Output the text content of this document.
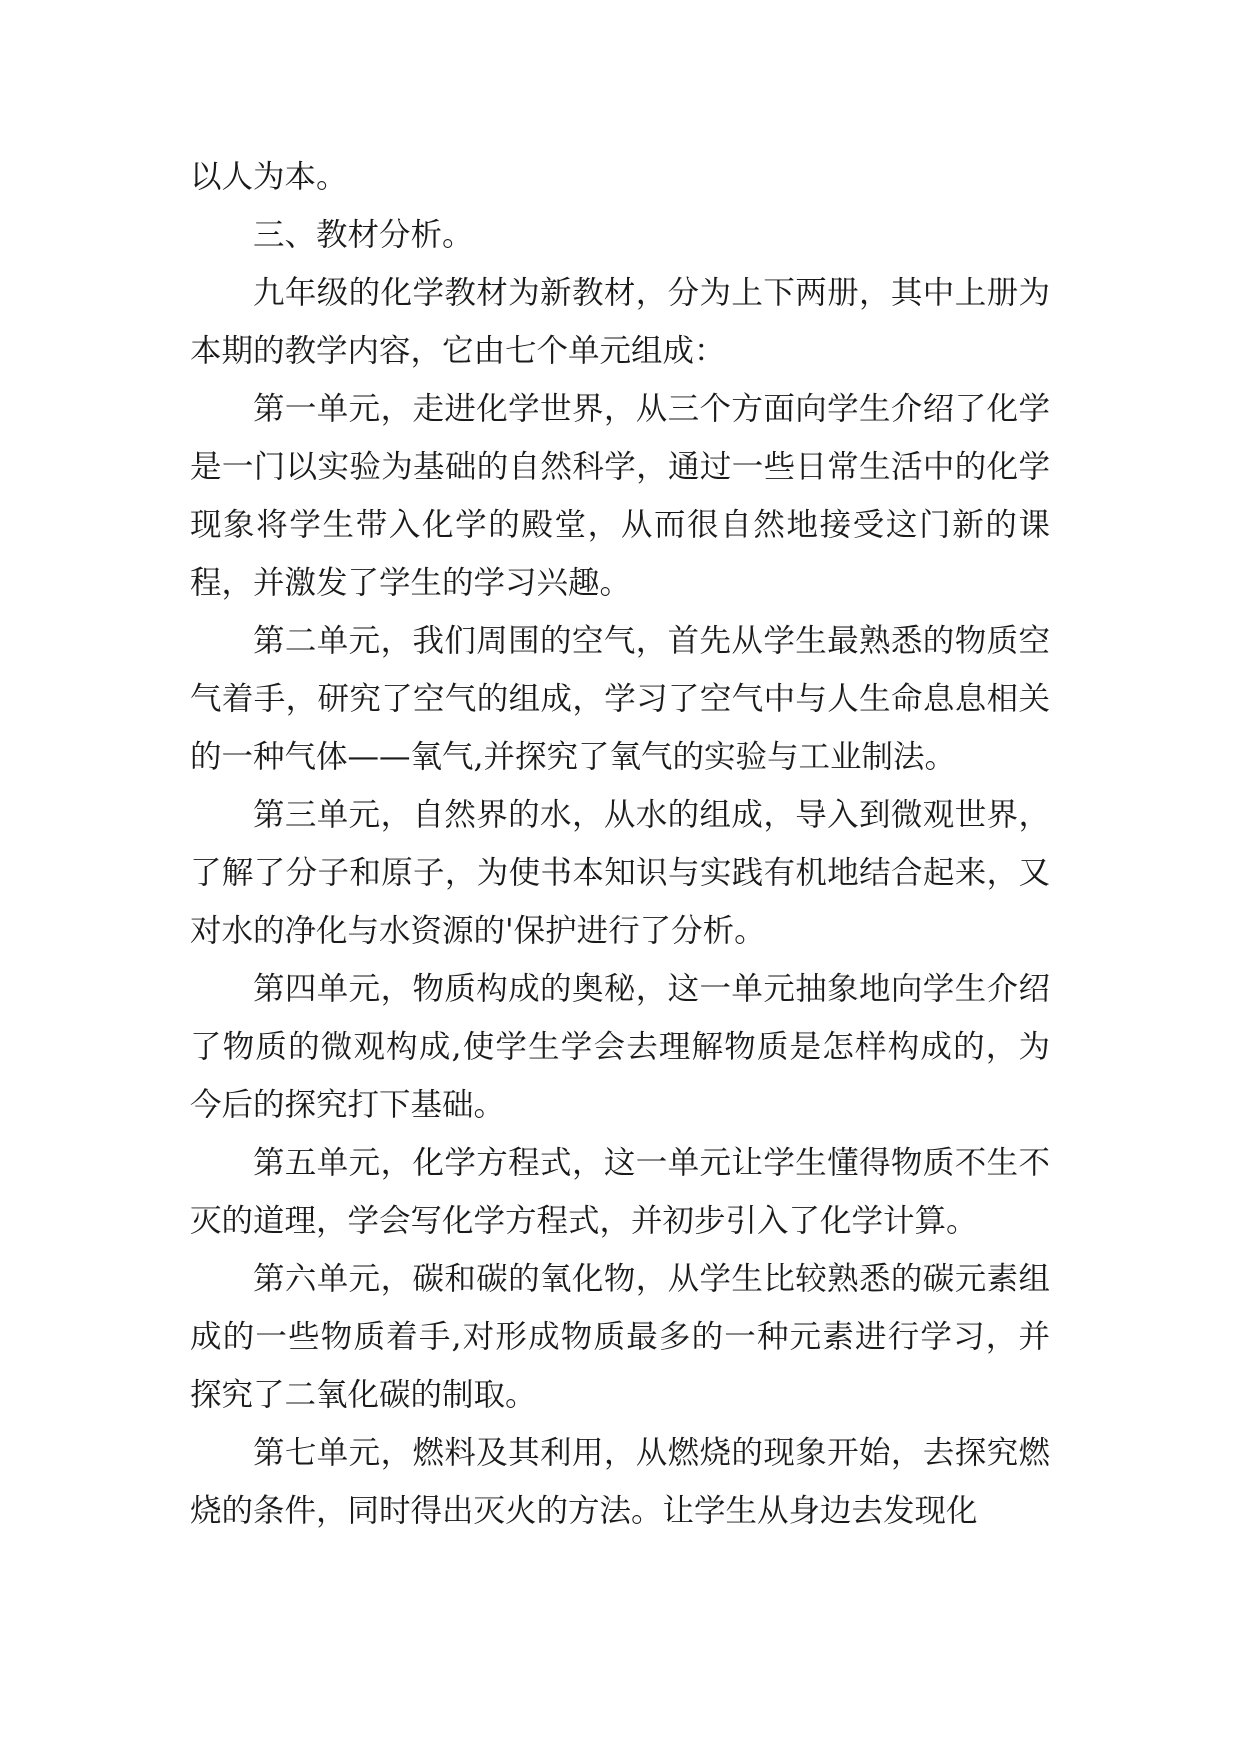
以人为本。

三、教材分析。

九年级的化学教材为新教材，分为上下两册，其中上册为本期的教学内容，它由七个单元组成：

第一单元，走进化学世界，从三个方面向学生介绍了化学是一门以实验为基础的自然科学，通过一些日常生活中的化学现象将学生带入化学的殿堂，从而很自然地接受这门新的课程，并激发了学生的学习兴趣。

第二单元，我们周围的空气，首先从学生最熟悉的物质空气着手，研究了空气的组成，学习了空气中与人生命息息相关的一种气体——氧气,并探究了氧气的实验与工业制法。

第三单元，自然界的水，从水的组成，导入到微观世界，了解了分子和原子，为使书本知识与实践有机地结合起来，又对水的净化与水资源的'保护进行了分析。

第四单元，物质构成的奥秘，这一单元抽象地向学生介绍了物质的微观构成,使学生学会去理解物质是怎样构成的，为今后的探究打下基础。

第五单元，化学方程式，这一单元让学生懂得物质不生不灭的道理，学会写化学方程式，并初步引入了化学计算。

第六单元，碳和碳的氧化物，从学生比较熟悉的碳元素组成的一些物质着手,对形成物质最多的一种元素进行学习，并探究了二氧化碳的制取。

第七单元，燃料及其利用，从燃烧的现象开始，去探究燃烧的条件，同时得出灭火的方法。让学生从身边去发现化
